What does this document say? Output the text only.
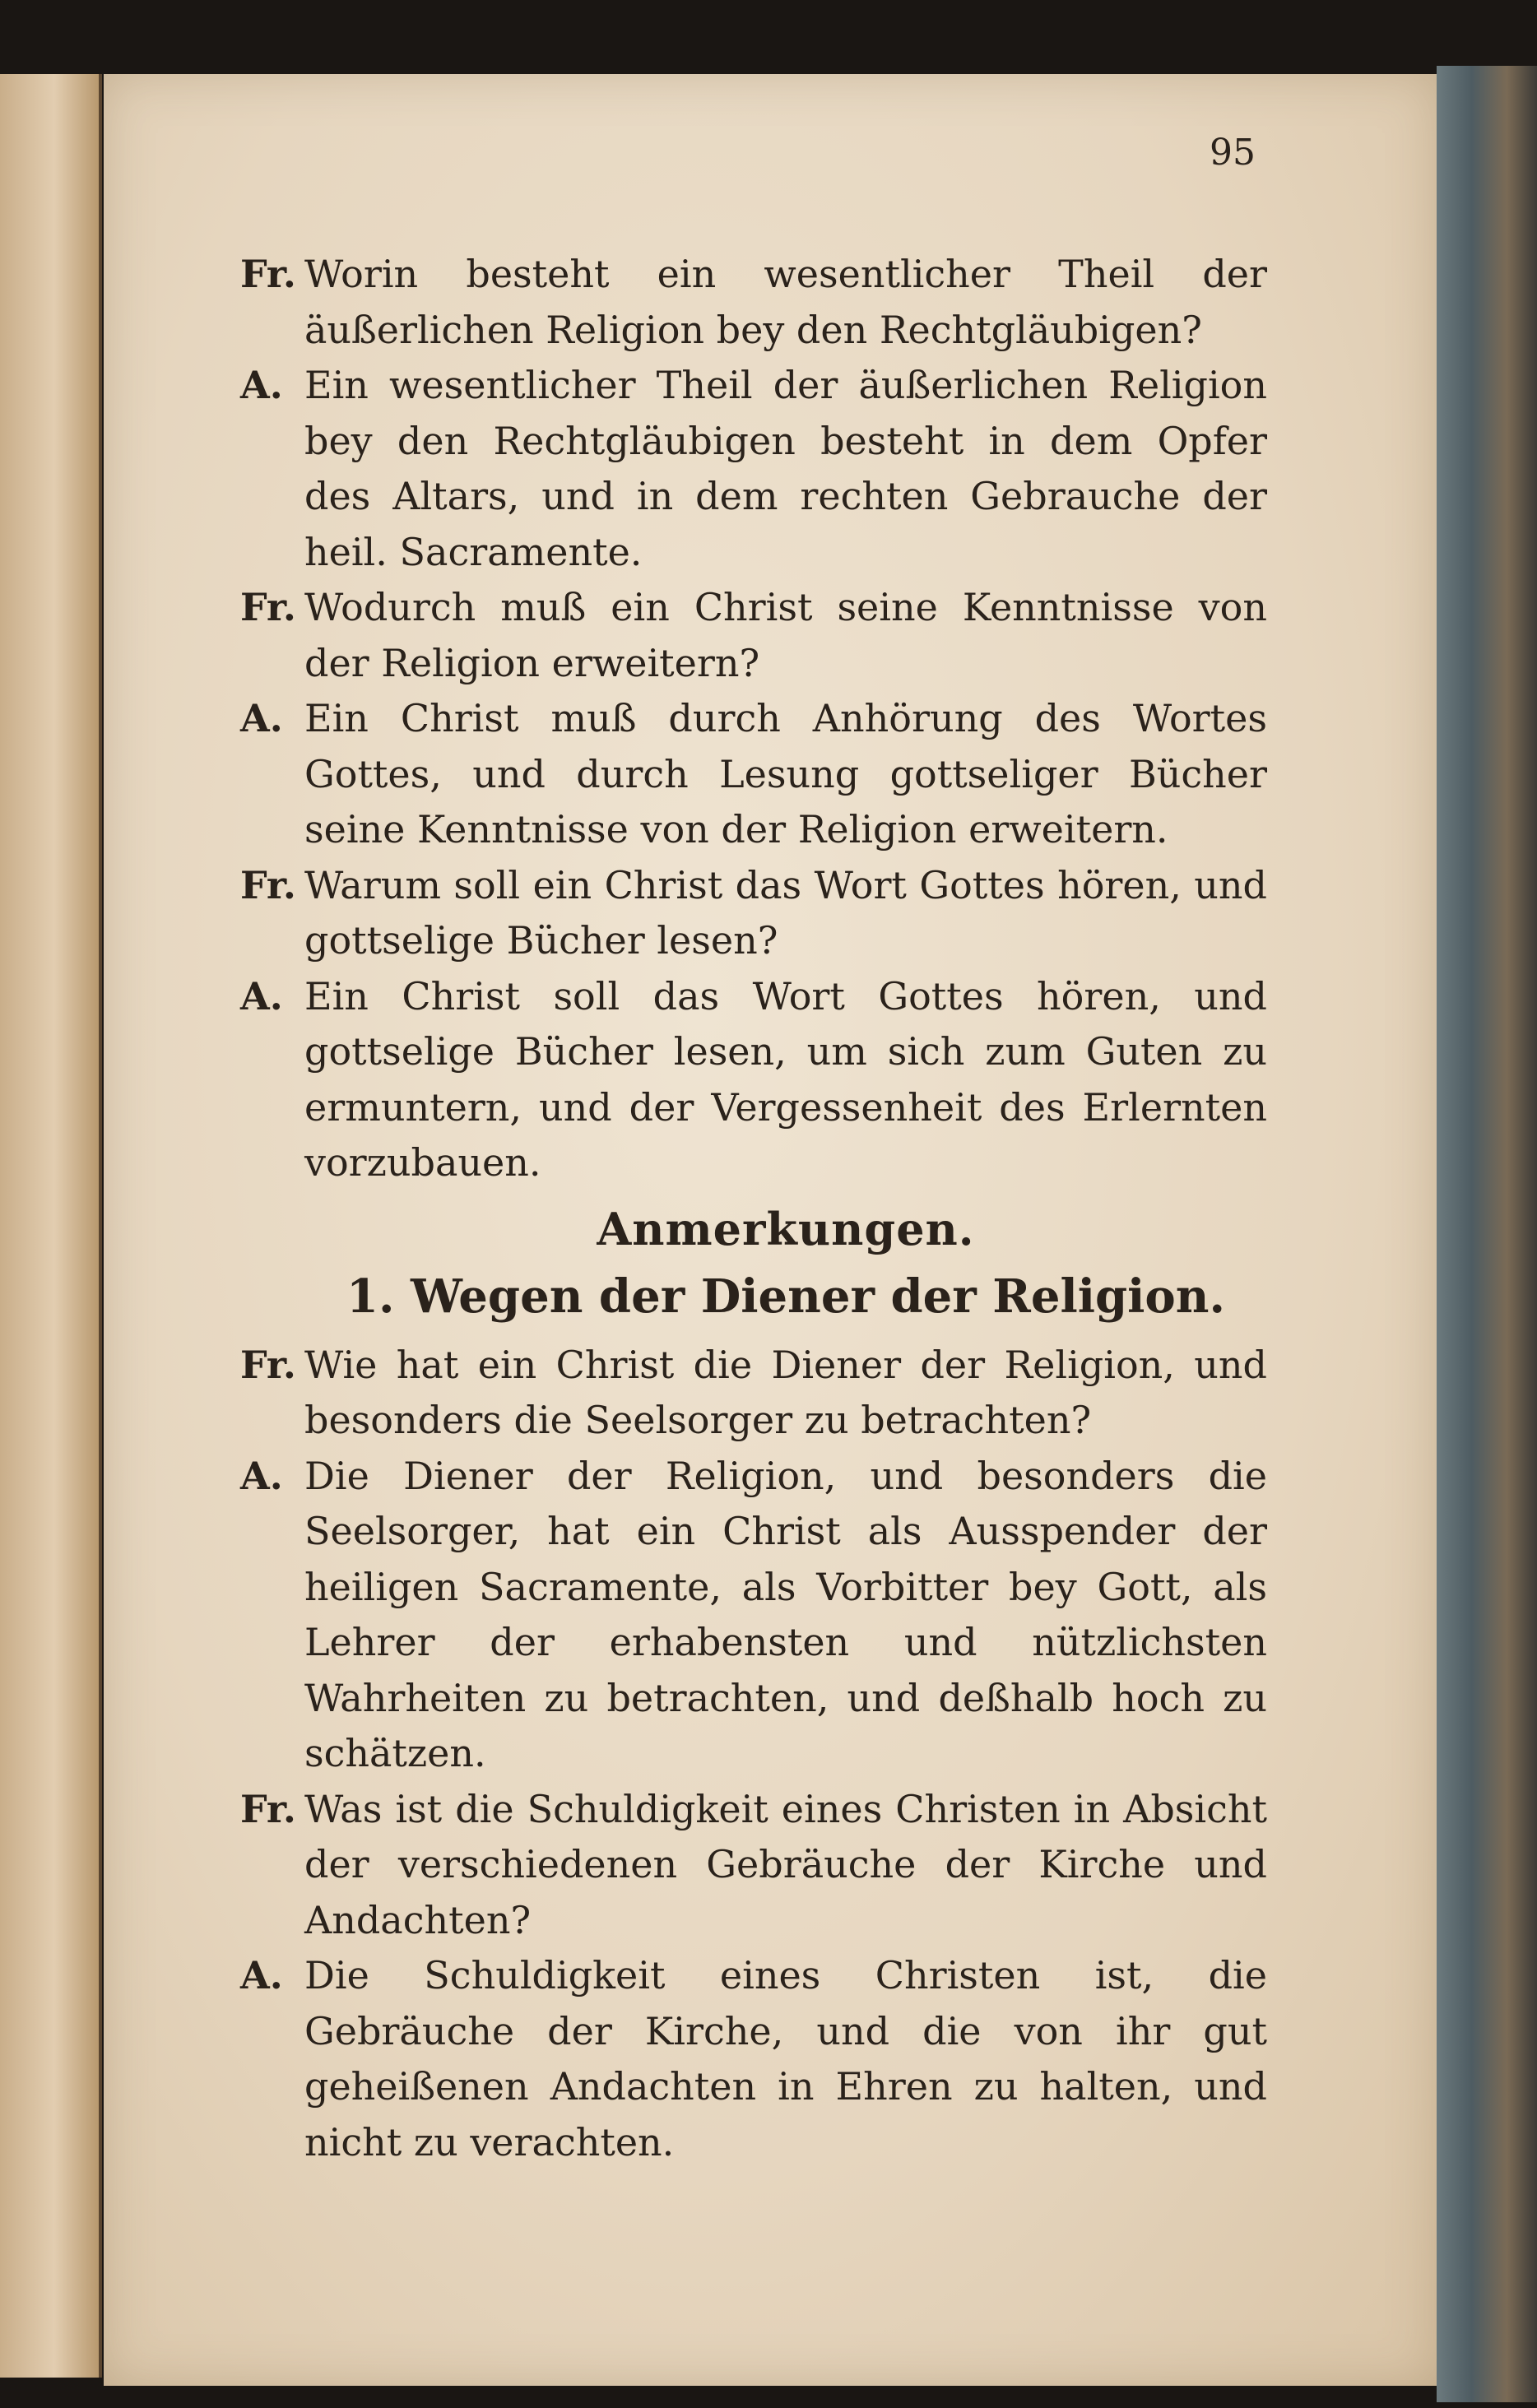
95

Fr. Worin besteht ein wesentlicher Theil der äußerlichen Religion bey den Rechtgläubigen?

A. Ein wesentlicher Theil der äußerlichen Religion bey den Rechtgläubigen besteht in dem Opfer des Altars, und in dem rechten Gebrauche der heil. Sacramente.

Fr. Wodurch muß ein Christ seine Kenntnisse von der Religion erweitern?

A. Ein Christ muß durch Anhörung des Wortes Gottes, und durch Lesung gottseliger Bücher seine Kenntnisse von der Religion erweitern.

Fr. Warum soll ein Christ das Wort Gottes hören, und gottselige Bücher lesen?

A. Ein Christ soll das Wort Gottes hören, und gottselige Bücher lesen, um sich zum Guten zu ermuntern, und der Vergessenheit des Erlernten vorzubauen.

Anmerkungen.
1. Wegen der Diener der Religion.

Fr. Wie hat ein Christ die Diener der Religion, und besonders die Seelsorger zu betrachten?

A. Die Diener der Religion, und besonders die Seelsorger, hat ein Christ als Ausspender der heiligen Sacramente, als Vorbitter bey Gott, als Lehrer der erhabensten und nützlichsten Wahrheiten zu betrachten, und deßhalb hoch zu schätzen.

Fr. Was ist die Schuldigkeit eines Christen in Absicht der verschiedenen Gebräuche der Kirche und Andachten?

A. Die Schuldigkeit eines Christen ist, die Gebräuche der Kirche, und die von ihr gut geheißenen Andachten in Ehren zu halten, und nicht zu verachten.
